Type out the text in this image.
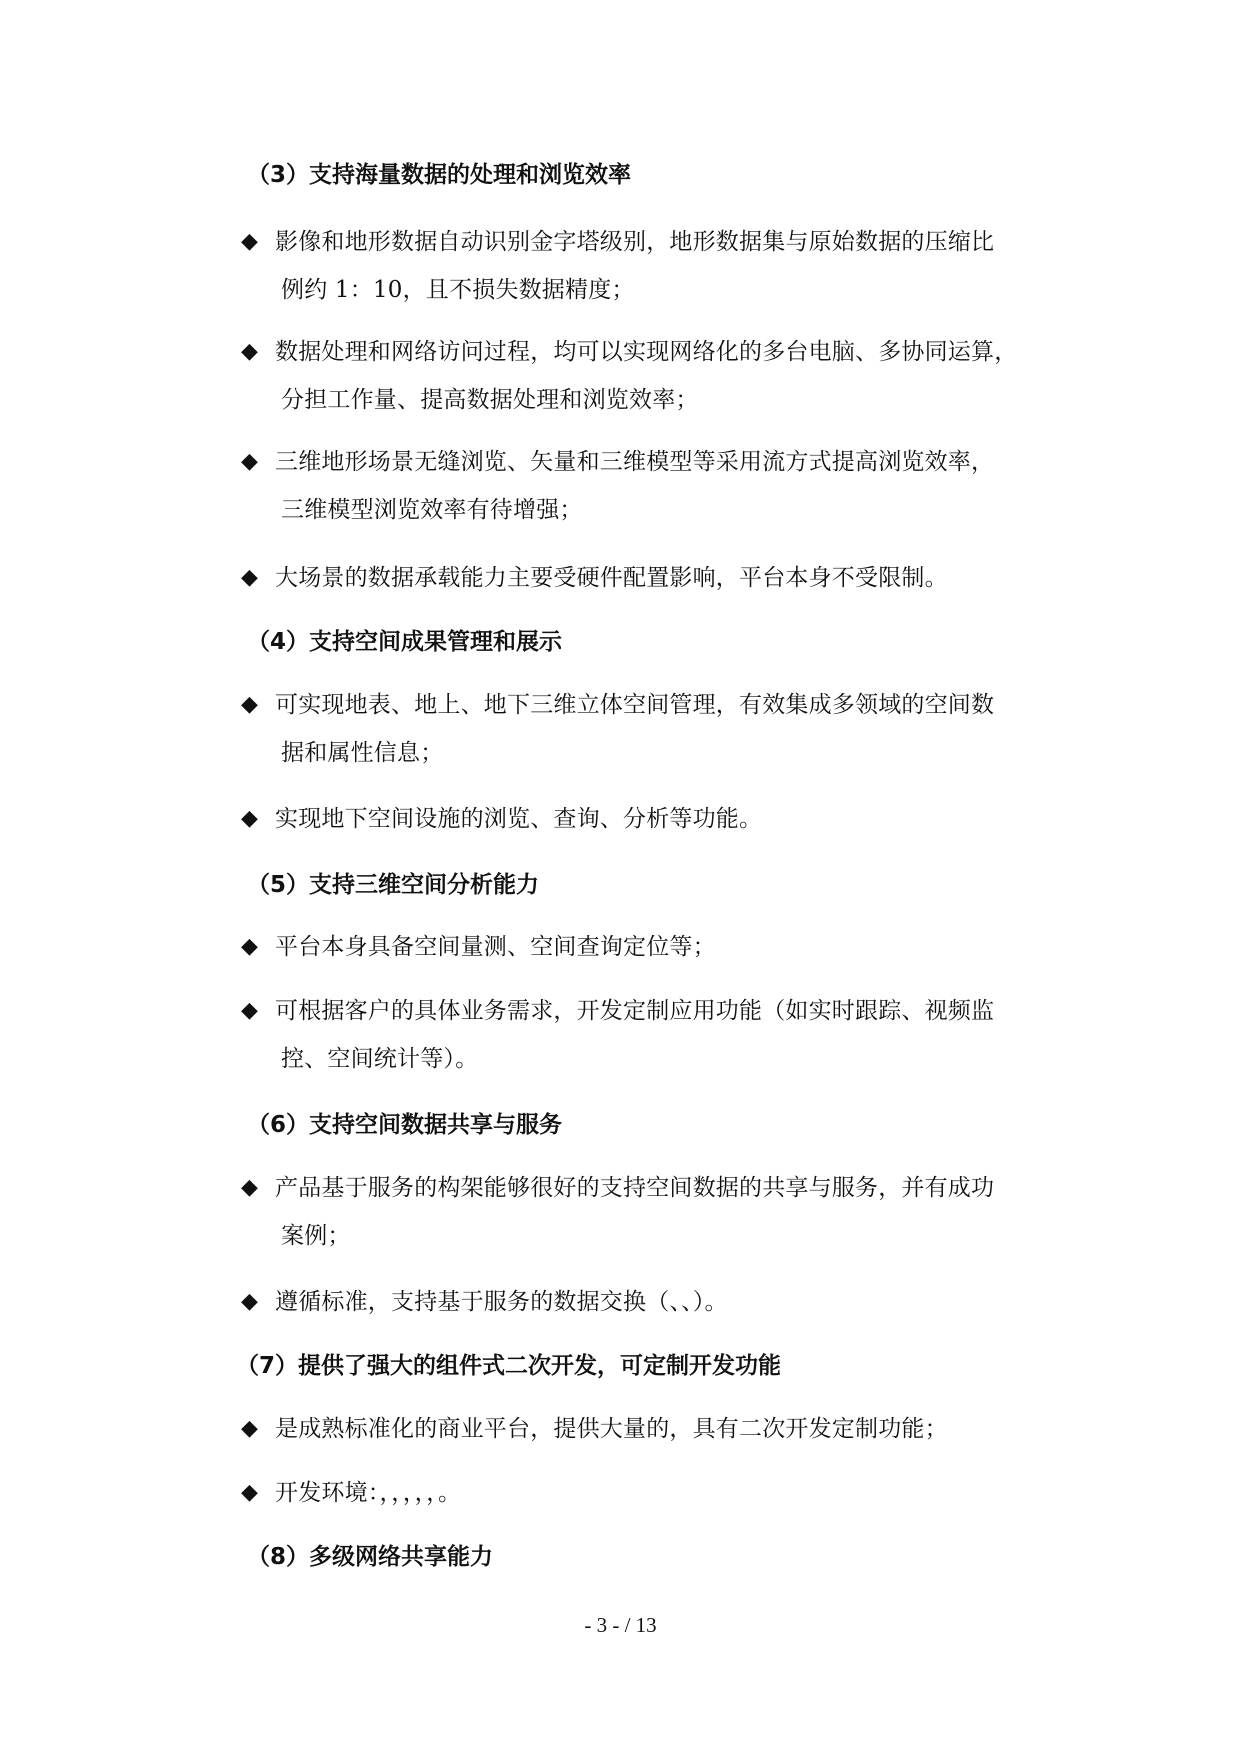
（3）支持海量数据的处理和浏览效率
◆ 影像和地形数据自动识别金字塔级别，地形数据集与原始数据的压缩比
例约 1：10，且不损失数据精度；
◆ 数据处理和网络访问过程，均可以实现网络化的多台电脑、多协同运算，
分担工作量、提高数据处理和浏览效率；
◆ 三维地形场景无缝浏览、矢量和三维模型等采用流方式提高浏览效率，
三维模型浏览效率有待增强；
◆ 大场景的数据承载能力主要受硬件配置影响，平台本身不受限制。
（4）支持空间成果管理和展示
◆ 可实现地表、地上、地下三维立体空间管理，有效集成多领域的空间数
据和属性信息；
◆ 实现地下空间设施的浏览、查询、分析等功能。
（5）支持三维空间分析能力
◆ 平台本身具备空间量测、空间查询定位等；
◆ 可根据客户的具体业务需求，开发定制应用功能（如实时跟踪、视频监
控、空间统计等）。
（6）支持空间数据共享与服务
◆ 产品基于服务的构架能够很好的支持空间数据的共享与服务，并有成功
案例；
◆ 遵循标准，支持基于服务的数据交换（、、）。
（7）提供了强大的组件式二次开发，可定制开发功能
◆ 是成熟标准化的商业平台，提供大量的，具有二次开发定制功能；
◆ 开发环境：，，，，，。
（8）多级网络共享能力
- 3 - / 13
